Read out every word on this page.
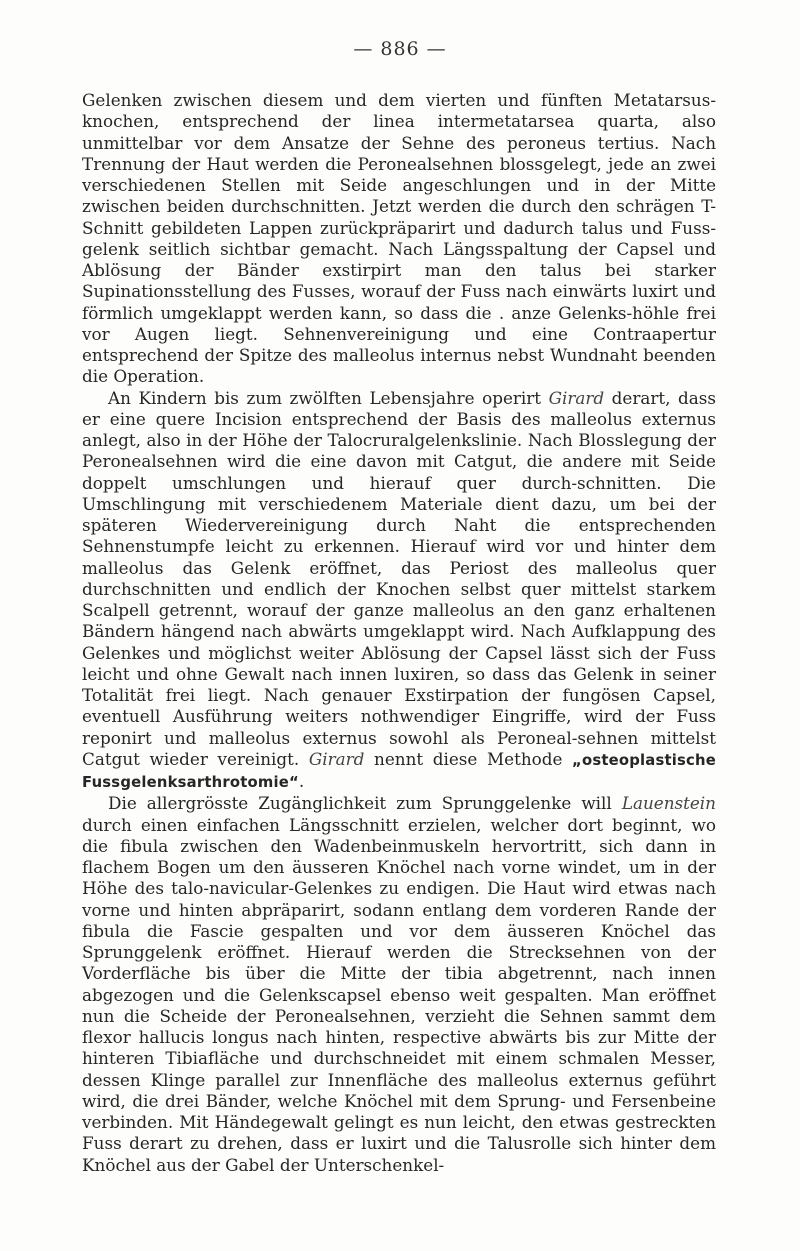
— 886 —

Gelenken zwischen diesem und dem vierten und fünften Metatarsus-knochen, entsprechend der linea intermetatarsea quarta, also unmittelbar vor dem Ansatze der Sehne des peroneus tertius. Nach Trennung der Haut werden die Peronealsehnen blossgelegt, jede an zwei verschiedenen Stellen mit Seide angeschlungen und in der Mitte zwischen beiden durchschnitten. Jetzt werden die durch den schrägen T-Schnitt gebildeten Lappen zurückpräparirt und dadurch talus und Fuss-gelenk seitlich sichtbar gemacht. Nach Längsspaltung der Capsel und Ablösung der Bänder exstirpirt man den talus bei starker Supinationsstellung des Fusses, worauf der Fuss nach einwärts luxirt und förmlich umgeklappt werden kann, so dass die . anze Gelenks-höhle frei vor Augen liegt. Sehnenvereinigung und eine Contraapertur entsprechend der Spitze des malleolus internus nebst Wundnaht beenden die Operation.

An Kindern bis zum zwölften Lebensjahre operirt Girard derart, dass er eine quere Incision entsprechend der Basis des malleolus externus anlegt, also in der Höhe der Talocruralgelenkslinie. Nach Blosslegung der Peronealsehnen wird die eine davon mit Catgut, die andere mit Seide doppelt umschlungen und hierauf quer durch-schnitten. Die Umschlingung mit verschiedenem Materiale dient dazu, um bei der späteren Wiedervereinigung durch Naht die entsprechenden Sehnenstumpfe leicht zu erkennen. Hierauf wird vor und hinter dem malleolus das Gelenk eröffnet, das Periost des malleolus quer durchschnitten und endlich der Knochen selbst quer mittelst starkem Scalpell getrennt, worauf der ganze malleolus an den ganz erhaltenen Bändern hängend nach abwärts umgeklappt wird. Nach Aufklappung des Gelenkes und möglichst weiter Ablösung der Capsel lässt sich der Fuss leicht und ohne Gewalt nach innen luxiren, so dass das Gelenk in seiner Totalität frei liegt. Nach genauer Exstirpation der fungösen Capsel, eventuell Ausführung weiters nothwendiger Eingriffe, wird der Fuss reponirt und malleolus externus sowohl als Peroneal-sehnen mittelst Catgut wieder vereinigt. Girard nennt diese Methode „osteoplastische Fussgelenksarthrotomie“.

Die allergrösste Zugänglichkeit zum Sprunggelenke will Lauenstein durch einen einfachen Längsschnitt erzielen, welcher dort beginnt, wo die fibula zwischen den Wadenbeinmuskeln hervortritt, sich dann in flachem Bogen um den äusseren Knöchel nach vorne windet, um in der Höhe des talo-navicular-Gelenkes zu endigen. Die Haut wird etwas nach vorne und hinten abpräparirt, sodann entlang dem vorderen Rande der fibula die Fascie gespalten und vor dem äusseren Knöchel das Sprunggelenk eröffnet. Hierauf werden die Strecksehnen von der Vorderfläche bis über die Mitte der tibia abgetrennt, nach innen abgezogen und die Gelenkscapsel ebenso weit gespalten. Man eröffnet nun die Scheide der Peronealsehnen, verzieht die Sehnen sammt dem flexor hallucis longus nach hinten, respective abwärts bis zur Mitte der hinteren Tibiafläche und durchschneidet mit einem schmalen Messer, dessen Klinge parallel zur Innenfläche des malleolus externus geführt wird, die drei Bänder, welche Knöchel mit dem Sprung- und Fersenbeine verbinden. Mit Händegewalt gelingt es nun leicht, den etwas gestreckten Fuss derart zu drehen, dass er luxirt und die Talusrolle sich hinter dem Knöchel aus der Gabel der Unterschenkel-
